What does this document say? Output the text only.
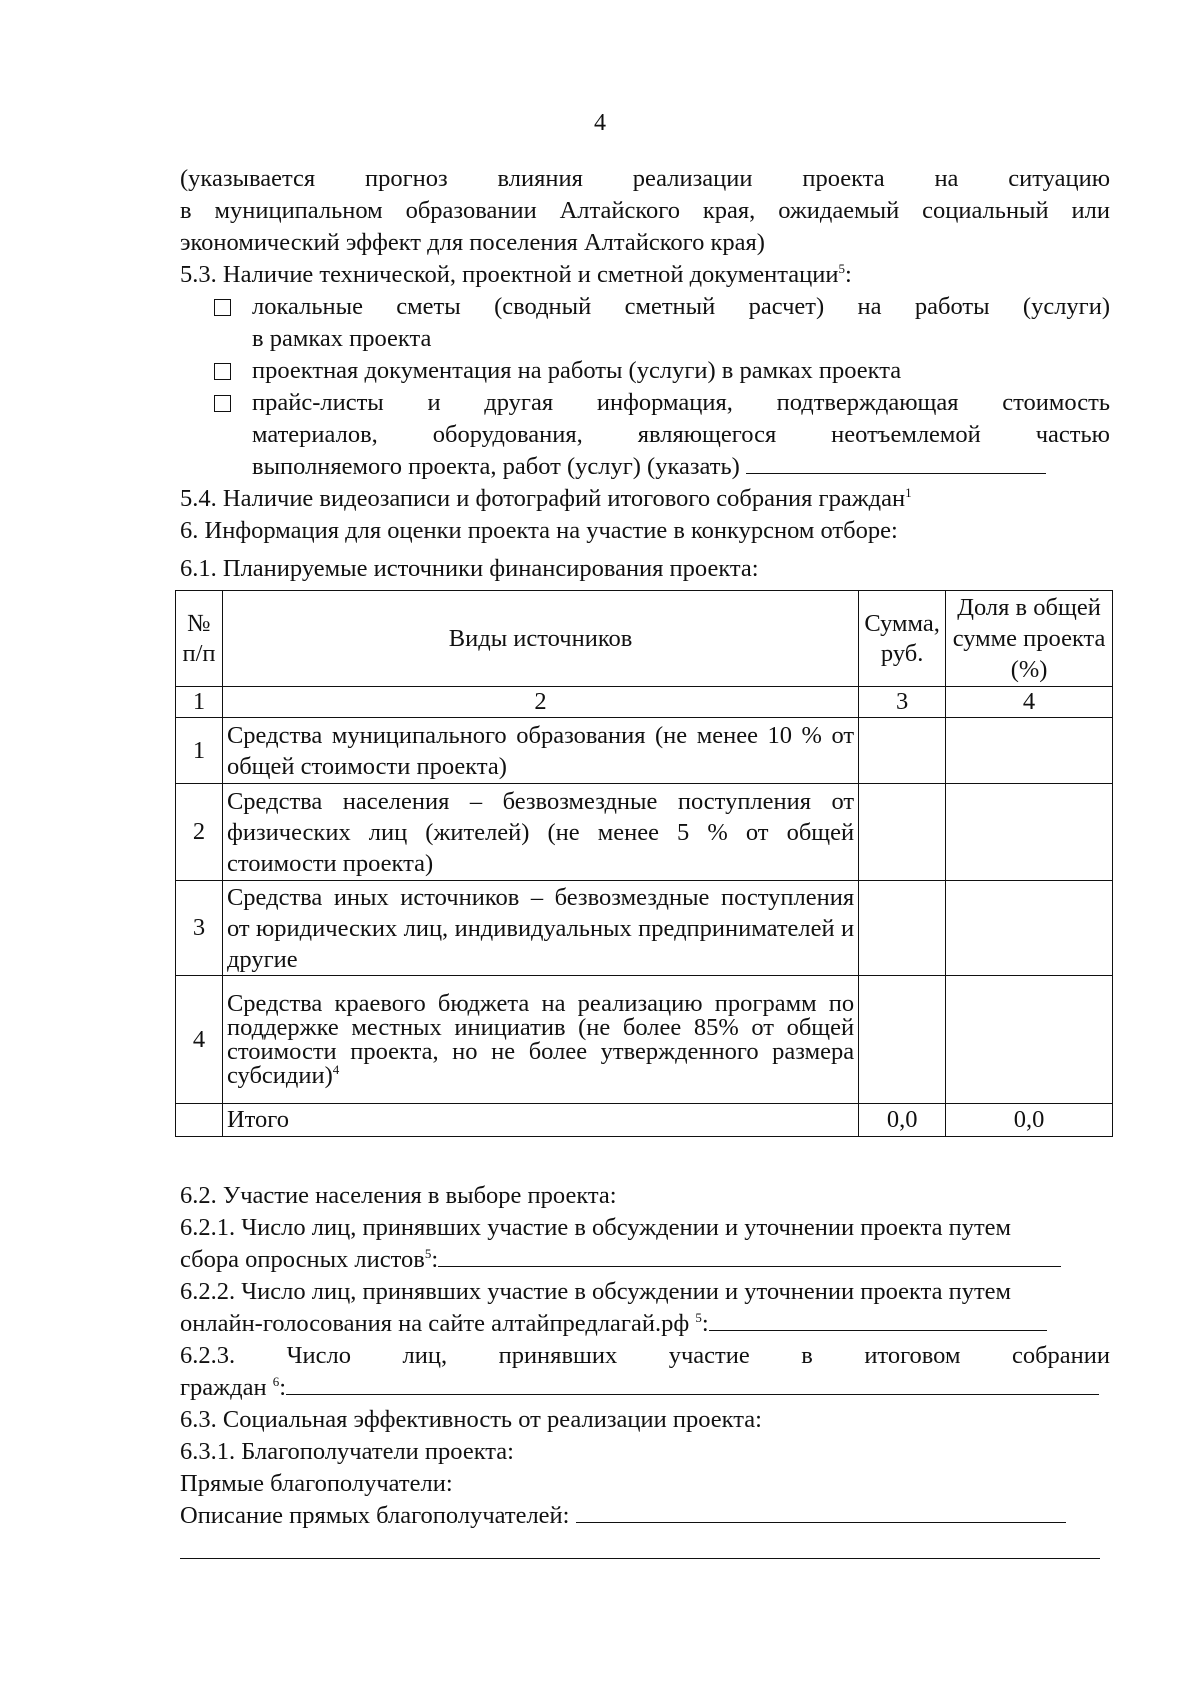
4
(указывается прогноз влияния реализации проекта на ситуацию
в муниципальном образовании Алтайского края, ожидаемый социальный или
экономический эффект для поселения Алтайского края)
5.3. Наличие технической, проектной и сметной документации$^5$:
локальные сметы (сводный сметный расчет) на работы (услуги)
в рамках проекта
проектная документация на работы (услуги) в рамках проекта
прайс-листы и другая информация, подтверждающая стоимость
материалов, оборудования, являющегося неотъемлемой частью
выполняемого проекта, работ (услуг) (указать)
5.4. Наличие видеозаписи и фотографий итогового собрания граждан$^1$
6. Информация для оценки проекта на участие в конкурсном отборе:
6.1. Планируемые источники финансирования проекта:
№ п/п	Виды источников	Сумма, руб.	Доля в общей сумме проекта (%)
1	2	3	4
1	Средства муниципального образования (не менее 10 % от общей стоимости проекта)		
2	Средства населения – безвозмездные поступления от физических лиц (жителей) (не менее 5 % от общей стоимости проекта)		
3	Средства иных источников – безвозмездные поступления от юридических лиц, индивидуальных предпринимателей и другие		
4	Средства краевого бюджета на реализацию программ по поддержке местных инициатив (не более 85% от общей стоимости проекта, но не более утвержденного размера субсидии)$^4$		
	Итого	0,0	0,0
6.2. Участие населения в выборе проекта:
6.2.1. Число лиц, принявших участие в обсуждении и уточнении проекта путем
сбора опросных листов$^5$:
6.2.2. Число лиц, принявших участие в обсуждении и уточнении проекта путем
онлайн-голосования на сайте алтайпредлагай.рф $^5$:
6.2.3. Число лиц, принявших участие в итоговом собрании
граждан $^6$:
6.3. Социальная эффективность от реализации проекта:
6.3.1. Благополучатели проекта:
Прямые благополучатели:
Описание прямых благополучателей:
